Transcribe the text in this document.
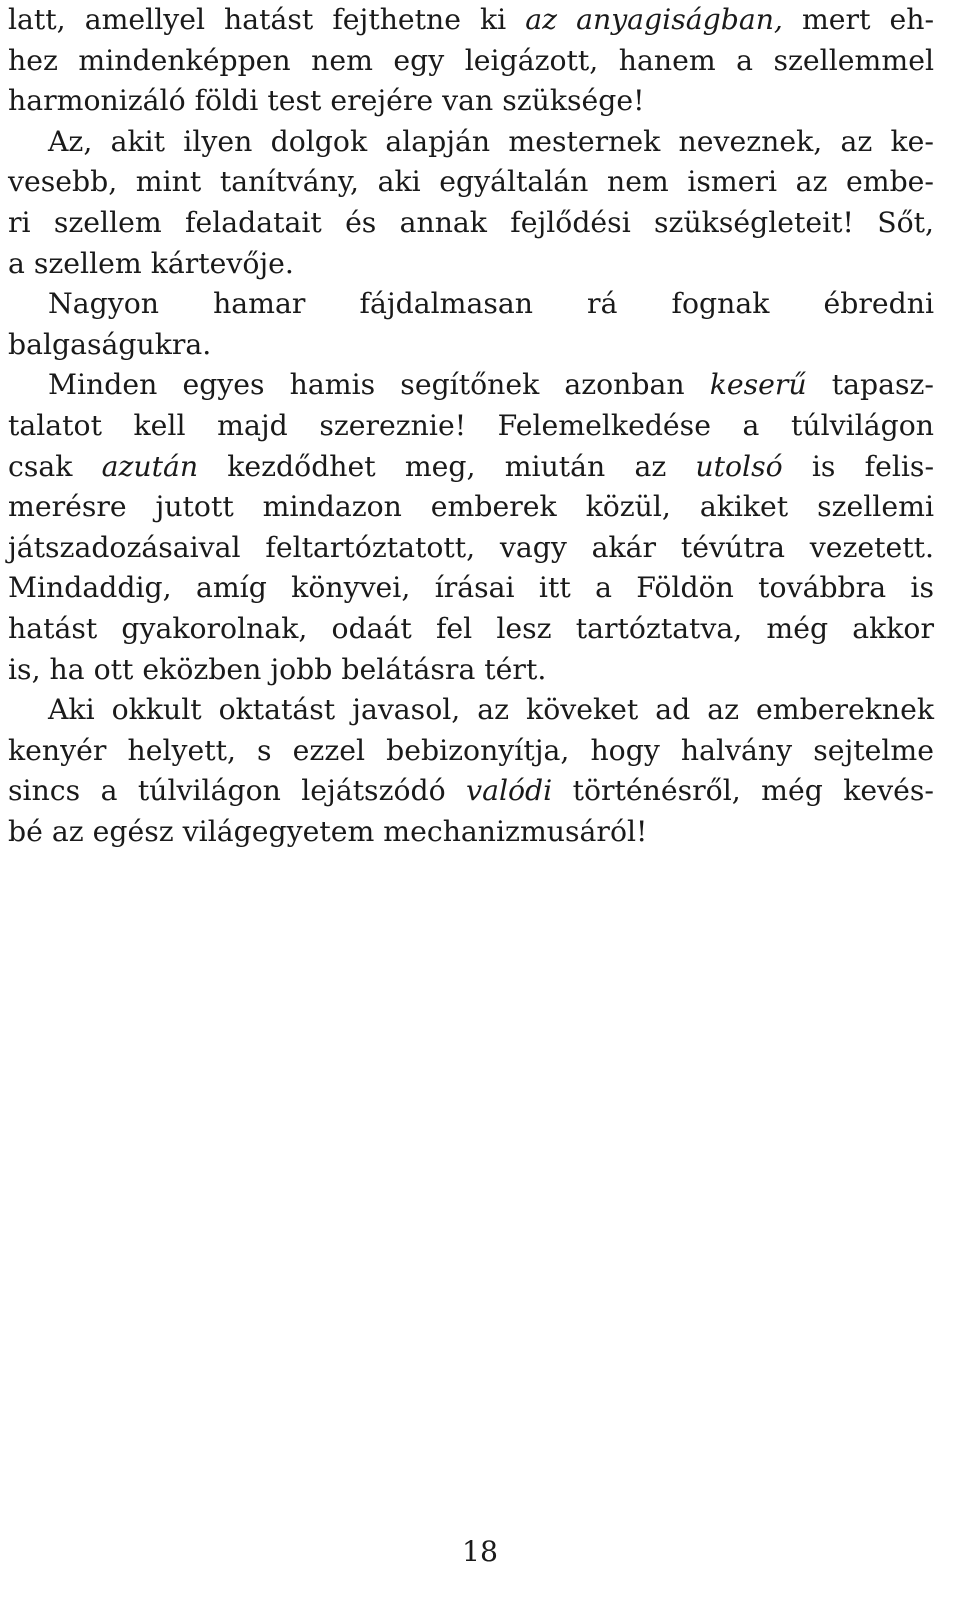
latt, amellyel hatást fejthetne ki az anyagiságban, mert eh-
hez mindenképpen nem egy leigázott, hanem a szellemmel
harmonizáló földi test erejére van szüksége!
Az, akit ilyen dolgok alapján mesternek neveznek, az ke-
vesebb, mint tanítvány, aki egyáltalán nem ismeri az embe-
ri szellem feladatait és annak fejlődési szükségleteit! Sőt,
a szellem kártevője.
Nagyon hamar fájdalmasan rá fognak ébredni
balgaságukra.
Minden egyes hamis segítőnek azonban keserű tapasz-
talatot kell majd szereznie! Felemelkedése a túlvilágon
csak azután kezdődhet meg, miután az utolsó is felis-
merésre jutott mindazon emberek közül, akiket szellemi
játszadozásaival feltartóztatott, vagy akár tévútra vezetett.
Mindaddig, amíg könyvei, írásai itt a Földön továbbra is
hatást gyakorolnak, odaát fel lesz tartóztatva, még akkor
is, ha ott eközben jobb belátásra tért.
Aki okkult oktatást javasol, az köveket ad az embereknek
kenyér helyett, s ezzel bebizonyítja, hogy halvány sejtelme
sincs a túlvilágon lejátszódó valódi történésről, még kevés-
bé az egész világegyetem mechanizmusáról!
18
